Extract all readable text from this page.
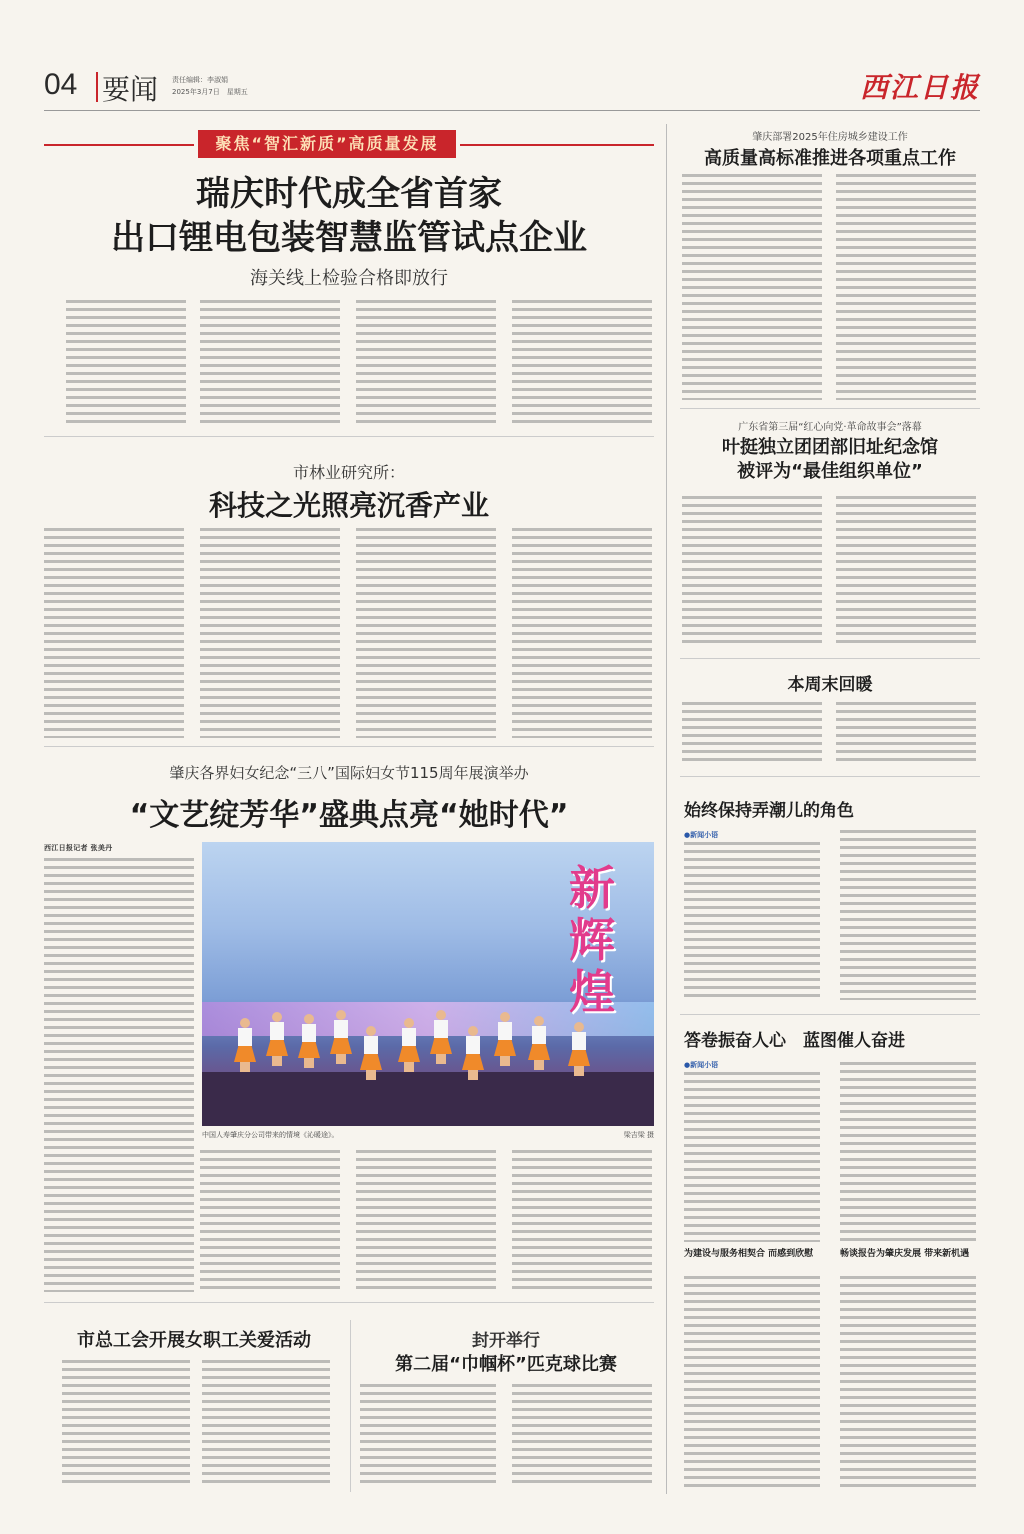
04 要闻 责任编辑：李淑娟
2025年3月7日　星期五	西江日报
聚焦“智汇新质”高质量发展
瑞庆时代成全省首家
出口锂电包装智慧监管试点企业
海关线上检验合格即放行
市林业研究所：
科技之光照亮沉香产业
肇庆各界妇女纪念“三八”国际妇女节115周年展演举办
“文艺绽芳华”盛典点亮“她时代”
西江日报记者 张美丹
新辉煌
中国人寿肇庆分公司带来的情境《沁暖途》。	梁吉梁 摄
市总工会开展女职工关爱活动	封开举行
第二届“巾帼杯”匹克球比赛
肇庆部署2025年住房城乡建设工作
高质量高标准推进各项重点工作
广东省第三届“红心向党·革命故事会”落幕
叶挺独立团团部旧址纪念馆
被评为“最佳组织单位”
本周末回暖
始终保持弄潮儿的角色
●新闻小语
答卷振奋人心　蓝图催人奋进
●新闻小语
为建设与服务相契合 而感到欣慰	畅谈报告为肇庆发展 带来新机遇
